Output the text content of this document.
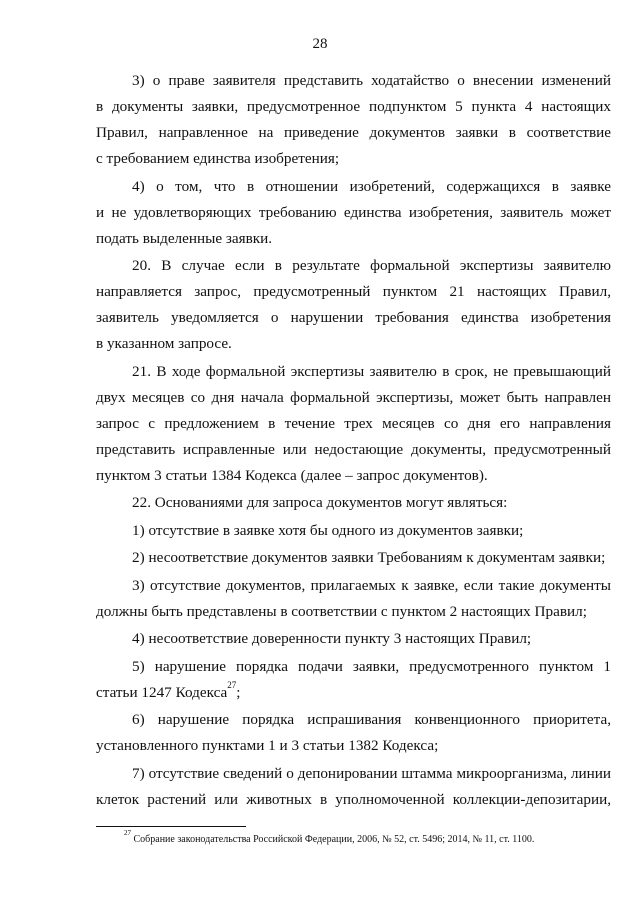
28
3) о праве заявителя представить ходатайство о внесении изменений
в документы заявки, предусмотренное подпунктом 5 пункта 4 настоящих
Правил, направленное на приведение документов заявки в соответствие
с требованием единства изобретения;
4) о том, что в отношении изобретений, содержащихся в заявке
и не удовлетворяющих требованию единства изобретения, заявитель может
подать выделенные заявки.
20. В случае если в результате формальной экспертизы заявителю
направляется запрос, предусмотренный пунктом 21 настоящих Правил,
заявитель уведомляется о нарушении требования единства изобретения
в указанном запросе.
21. В ходе формальной экспертизы заявителю в срок, не превышающий
двух месяцев со дня начала формальной экспертизы, может быть направлен
запрос с предложением в течение трех месяцев со дня его направления
представить исправленные или недостающие документы, предусмотренный
пунктом 3 статьи 1384 Кодекса (далее – запрос документов).
22. Основаниями для запроса документов могут являться:
1) отсутствие в заявке хотя бы одного из документов заявки;
2) несоответствие документов заявки Требованиям к документам заявки;
3) отсутствие документов, прилагаемых к заявке, если такие документы
должны быть представлены в соответствии с пунктом 2 настоящих Правил;
4) несоответствие доверенности пункту 3 настоящих Правил;
5) нарушение порядка подачи заявки, предусмотренного пунктом 1
статьи 1247 Кодекса$^{27}$;
6) нарушение порядка испрашивания конвенционного приоритета,
установленного пунктами 1 и 3 статьи 1382 Кодекса;
7) отсутствие сведений о депонировании штамма микроорганизма, линии
клеток растений или животных в уполномоченной коллекции-депозитарии,
$^{27}$ Собрание законодательства Российской Федерации, 2006, № 52, ст. 5496; 2014, № 11, ст. 1100.
